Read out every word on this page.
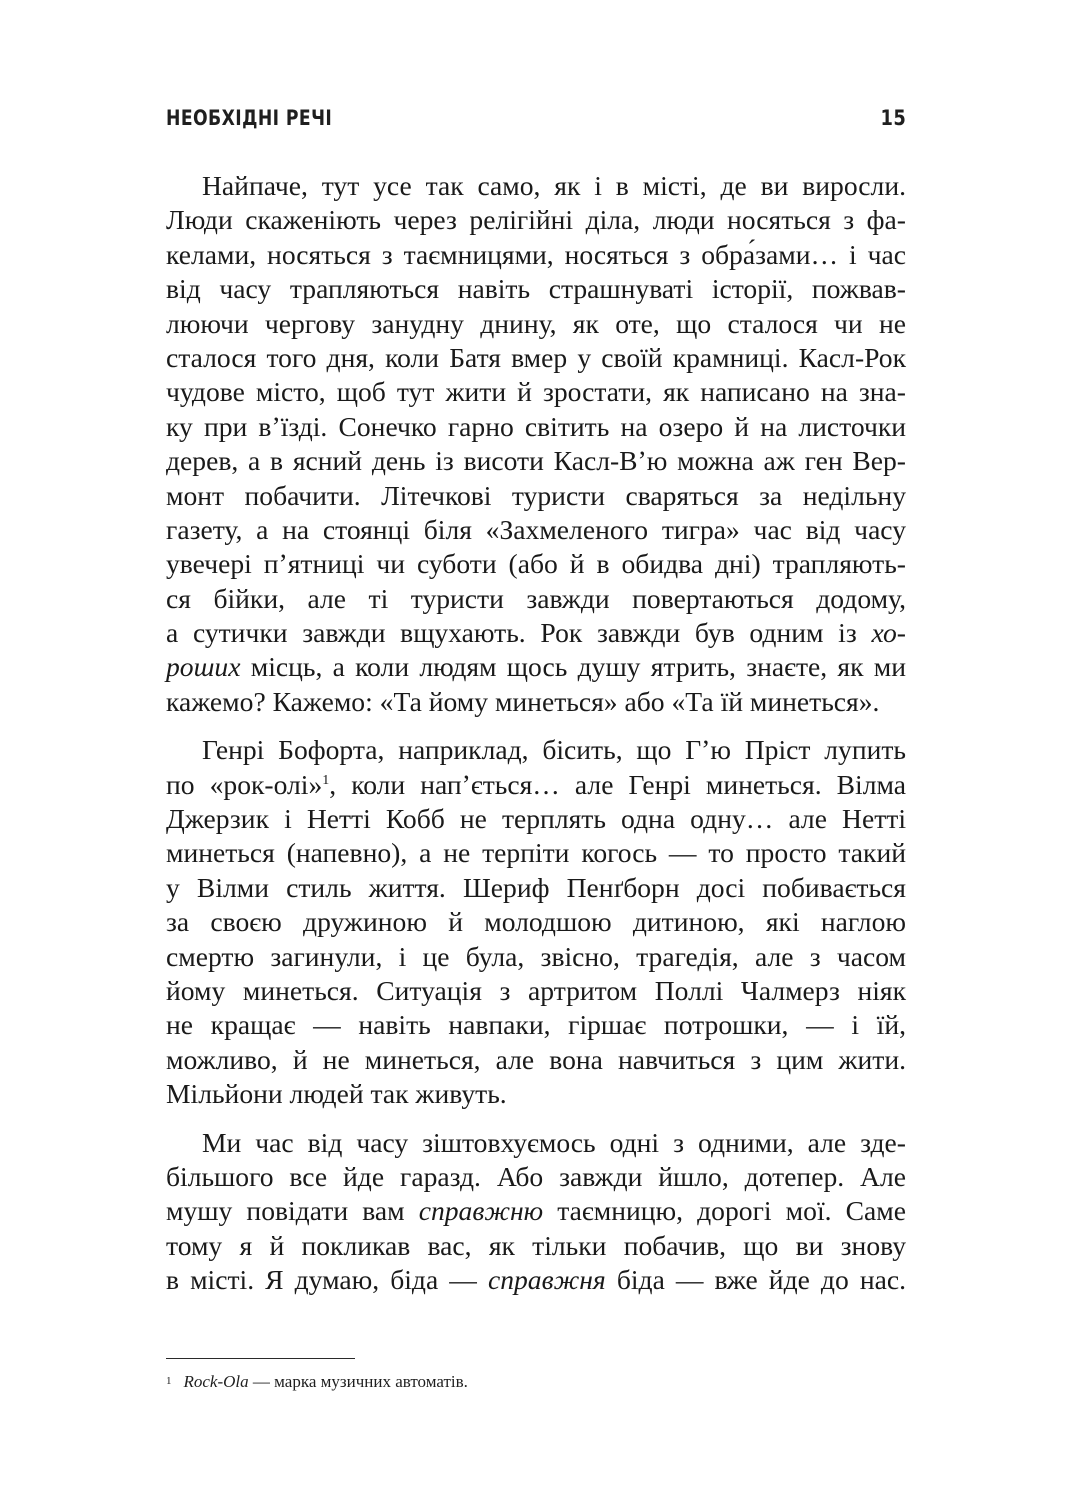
НЕОБХІДНІ РЕЧІ	15
Найпаче, тут усе так само, як і в місті, де ви виросли.
Люди скаженіють через релігійні діла, люди носяться з фа-
келами, носяться з таємницями, носяться з обра́зами… і час
від часу трапляються навіть страшнуваті історії, пожвав-
люючи чергову занудну днину, як оте, що сталося чи не
сталося того дня, коли Батя вмер у своїй крамниці. Касл-Рок
чудове місто, щоб тут жити й зростати, як написано на зна-
ку при вʼїзді. Сонечко гарно світить на озеро й на листочки
дерев, а в ясний день із висоти Касл-Вʼю можна аж ген Вер-
монт побачити. Літечкові туристи сваряться за недільну
газету, а на стоянці біля «Захмеленого тигра» час від часу
увечері пʼятниці чи суботи (або й в обидва дні) трапляють-
ся бійки, але ті туристи завжди повертаються додому,
а сутички завжди вщухають. Рок завжди був одним із хо-
роших місць, а коли людям щось душу ятрить, знаєте, як ми
кажемо? Кажемо: «Та йому минеться» або «Та їй минеться».
Генрі Бофорта, наприклад, бісить, що Гʼю Пріст лупить
по «рок-олі»$^1$, коли напʼється… але Генрі минеться. Вілма
Джерзик і Нетті Кобб не терплять одна одну… але Нетті
минеться (напевно), а не терпіти когось — то просто такий
у Вілми стиль життя. Шериф Пенґборн досі побивається
за своєю дружиною й молодшою дитиною, які наглою
смертю загинули, і це була, звісно, трагедія, але з часом
йому минеться. Ситуація з артритом Поллі Чалмерз ніяк
не кращає — навіть навпаки, гіршає потрошки, — і їй,
можливо, й не минеться, але вона навчиться з цим жити.
Мільйони людей так живуть.
Ми час від часу зіштовхуємось одні з одними, але зде-
більшого все йде гаразд. Або завжди йшло, дотепер. Але
мушу повідати вам справжню таємницю, дорогі мої. Саме
тому я й покликав вас, як тільки побачив, що ви знову
в місті. Я думаю, біда — справжня біда — вже йде до нас.
1 Rock-Ola — марка музичних автоматів.
